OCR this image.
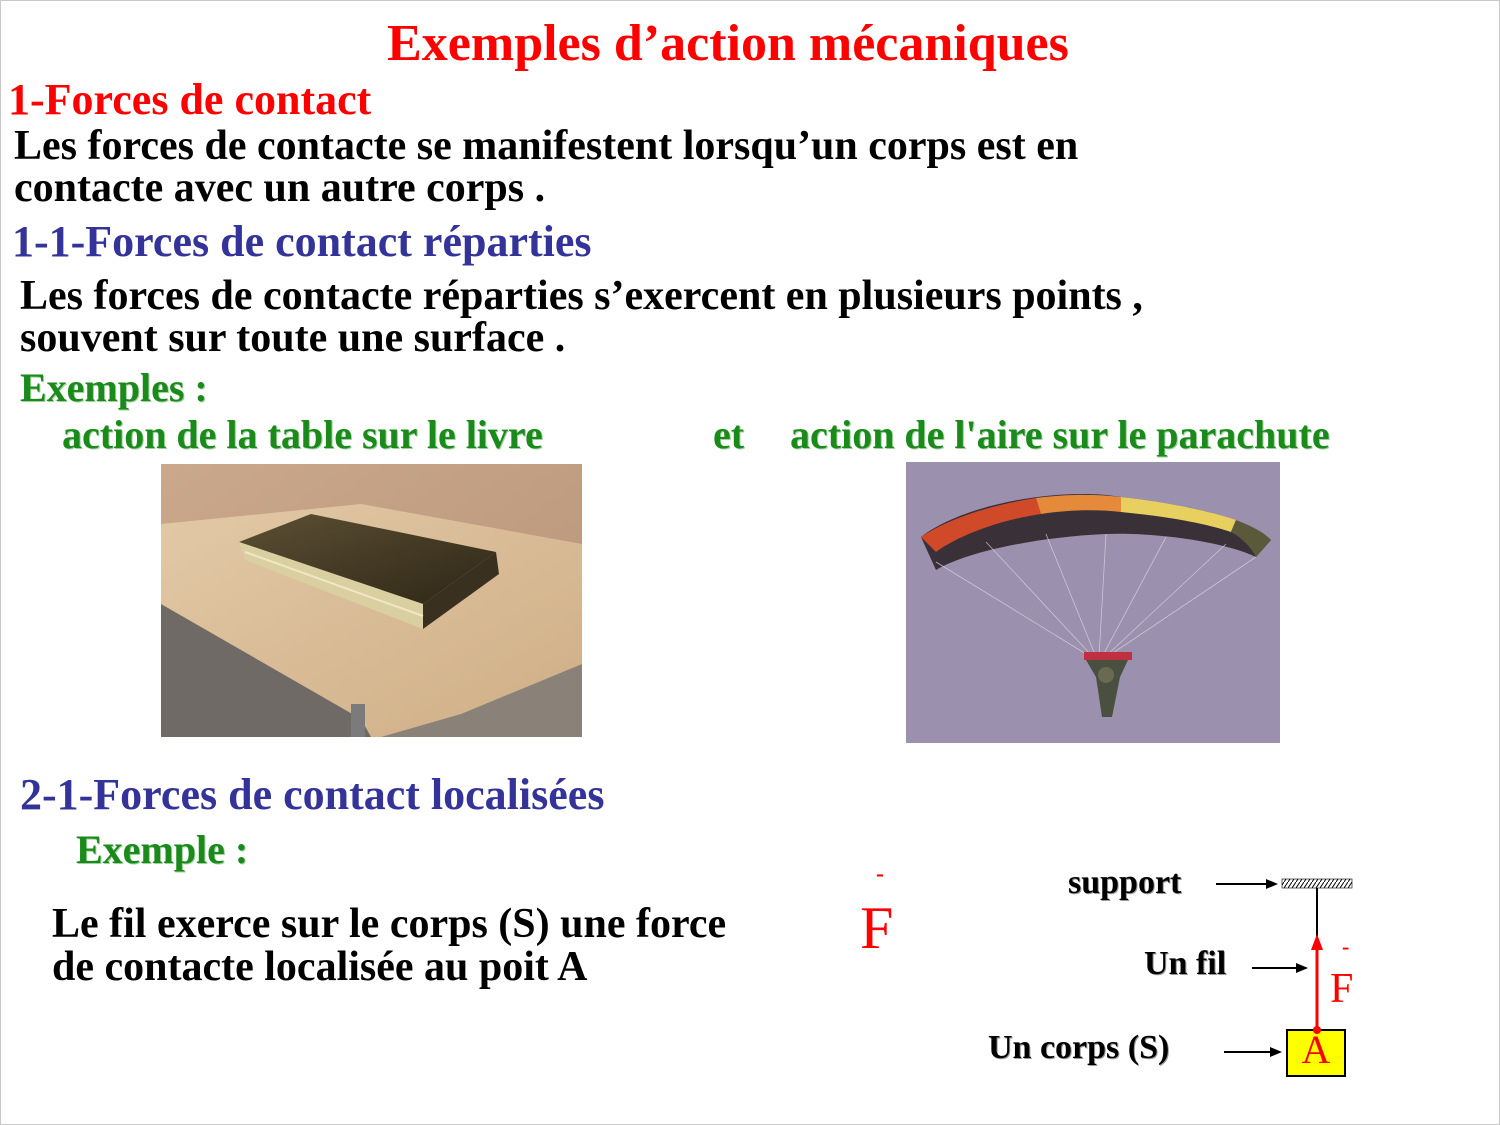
Exemples d’action mécaniques
1-Forces de contact
Les forces de contacte se manifestent lorsqu’un corps est en
contacte avec un autre corps .
1-1-Forces de contact réparties
Les forces de contacte réparties s’exercent en plusieurs points ,
souvent sur toute une surface .
Exemples :
action de la table sur le livre	et action de l'aire sur le parachute
2-1-Forces de contact localisées
Exemple :
Le fil exerce sur le corps (S) une force
de contacte localisée au poit A
-
F
support
Un fil
Un corps (S)
-
F
A
